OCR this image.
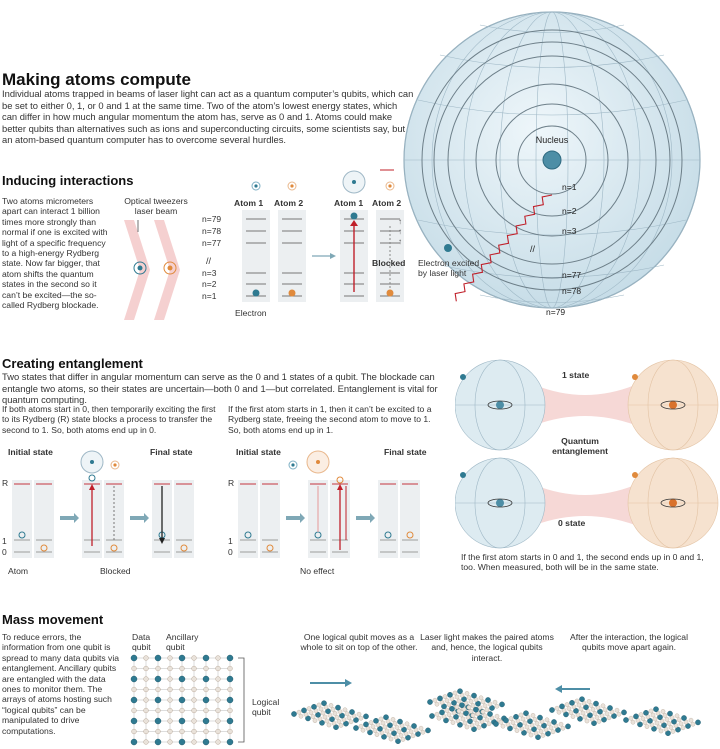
Nucleus
n=1
n=2
n=3
//
n=77
n=78
n=79
Electron excited by laser light
Making atoms compute
Individual atoms trapped in beams of laser light can act as a quantum computer’s qubits, which can be set to either 0, 1, or 0 and 1 at the same time. Two of the atom’s lowest energy states, which can differ in how much angular momentum the atom has, serve as 0 and 1. Atoms could make better qubits than alternatives such as ions and superconducting circuits, some scientists say, but an atom-based quantum computer has to overcome several hurdles.
Inducing interactions
Two atoms micrometers apart can interact 1 billion times more strongly than normal if one is excited with light of a specific frequency to a high-energy Rydberg state. Now far bigger, that atom shifts the quantum states in the second so it can’t be excited—the so-called Rydberg blockade.
Optical tweezers laser beam
Atom 1 Atom 2	Atom 1 Atom 2
n=79
n=78
n=77
//
n=3
n=2
n=1
↑
↑
↑
Electron
Blocked
Creating entanglement
Two states that differ in angular momentum can serve as the 0 and 1 states of a qubit. The blockade can entangle two atoms, so their states are uncertain—both 0 and 1—but correlated. Entanglement is vital for quantum computing.
If both atoms start in 0, then temporarily exciting the first to its Rydberg (R) state blocks a process to transfer the second to 1. So, both atoms end up in 0.
If the first atom starts in 1, then it can’t be excited to a Rydberg state, freeing the second atom to move to 1. So, both atoms end up in 1.
Initial state	Final state	Initial state	Final state
R
1
0
R
1
0
Atom	Blocked	No effect
1 state
Quantum entanglement
0 state
If the first atom starts in 0 and 1, the second ends up in 0 and 1, too. When measured, both will be in the same state.
Mass movement
To reduce errors, the information from one qubit is spread to many data qubits via entanglement. Ancillary qubits are entangled with the data ones to monitor them. The arrays of atoms hosting such “logical qubits” can be manipulated to drive computations.
Data qubit
Ancillary qubit
Logical qubit
One logical qubit moves as a whole to sit on top of the other.
Laser light makes the paired atoms and, hence, the logical qubits interact.
After the interaction, the logical qubits move apart again.
